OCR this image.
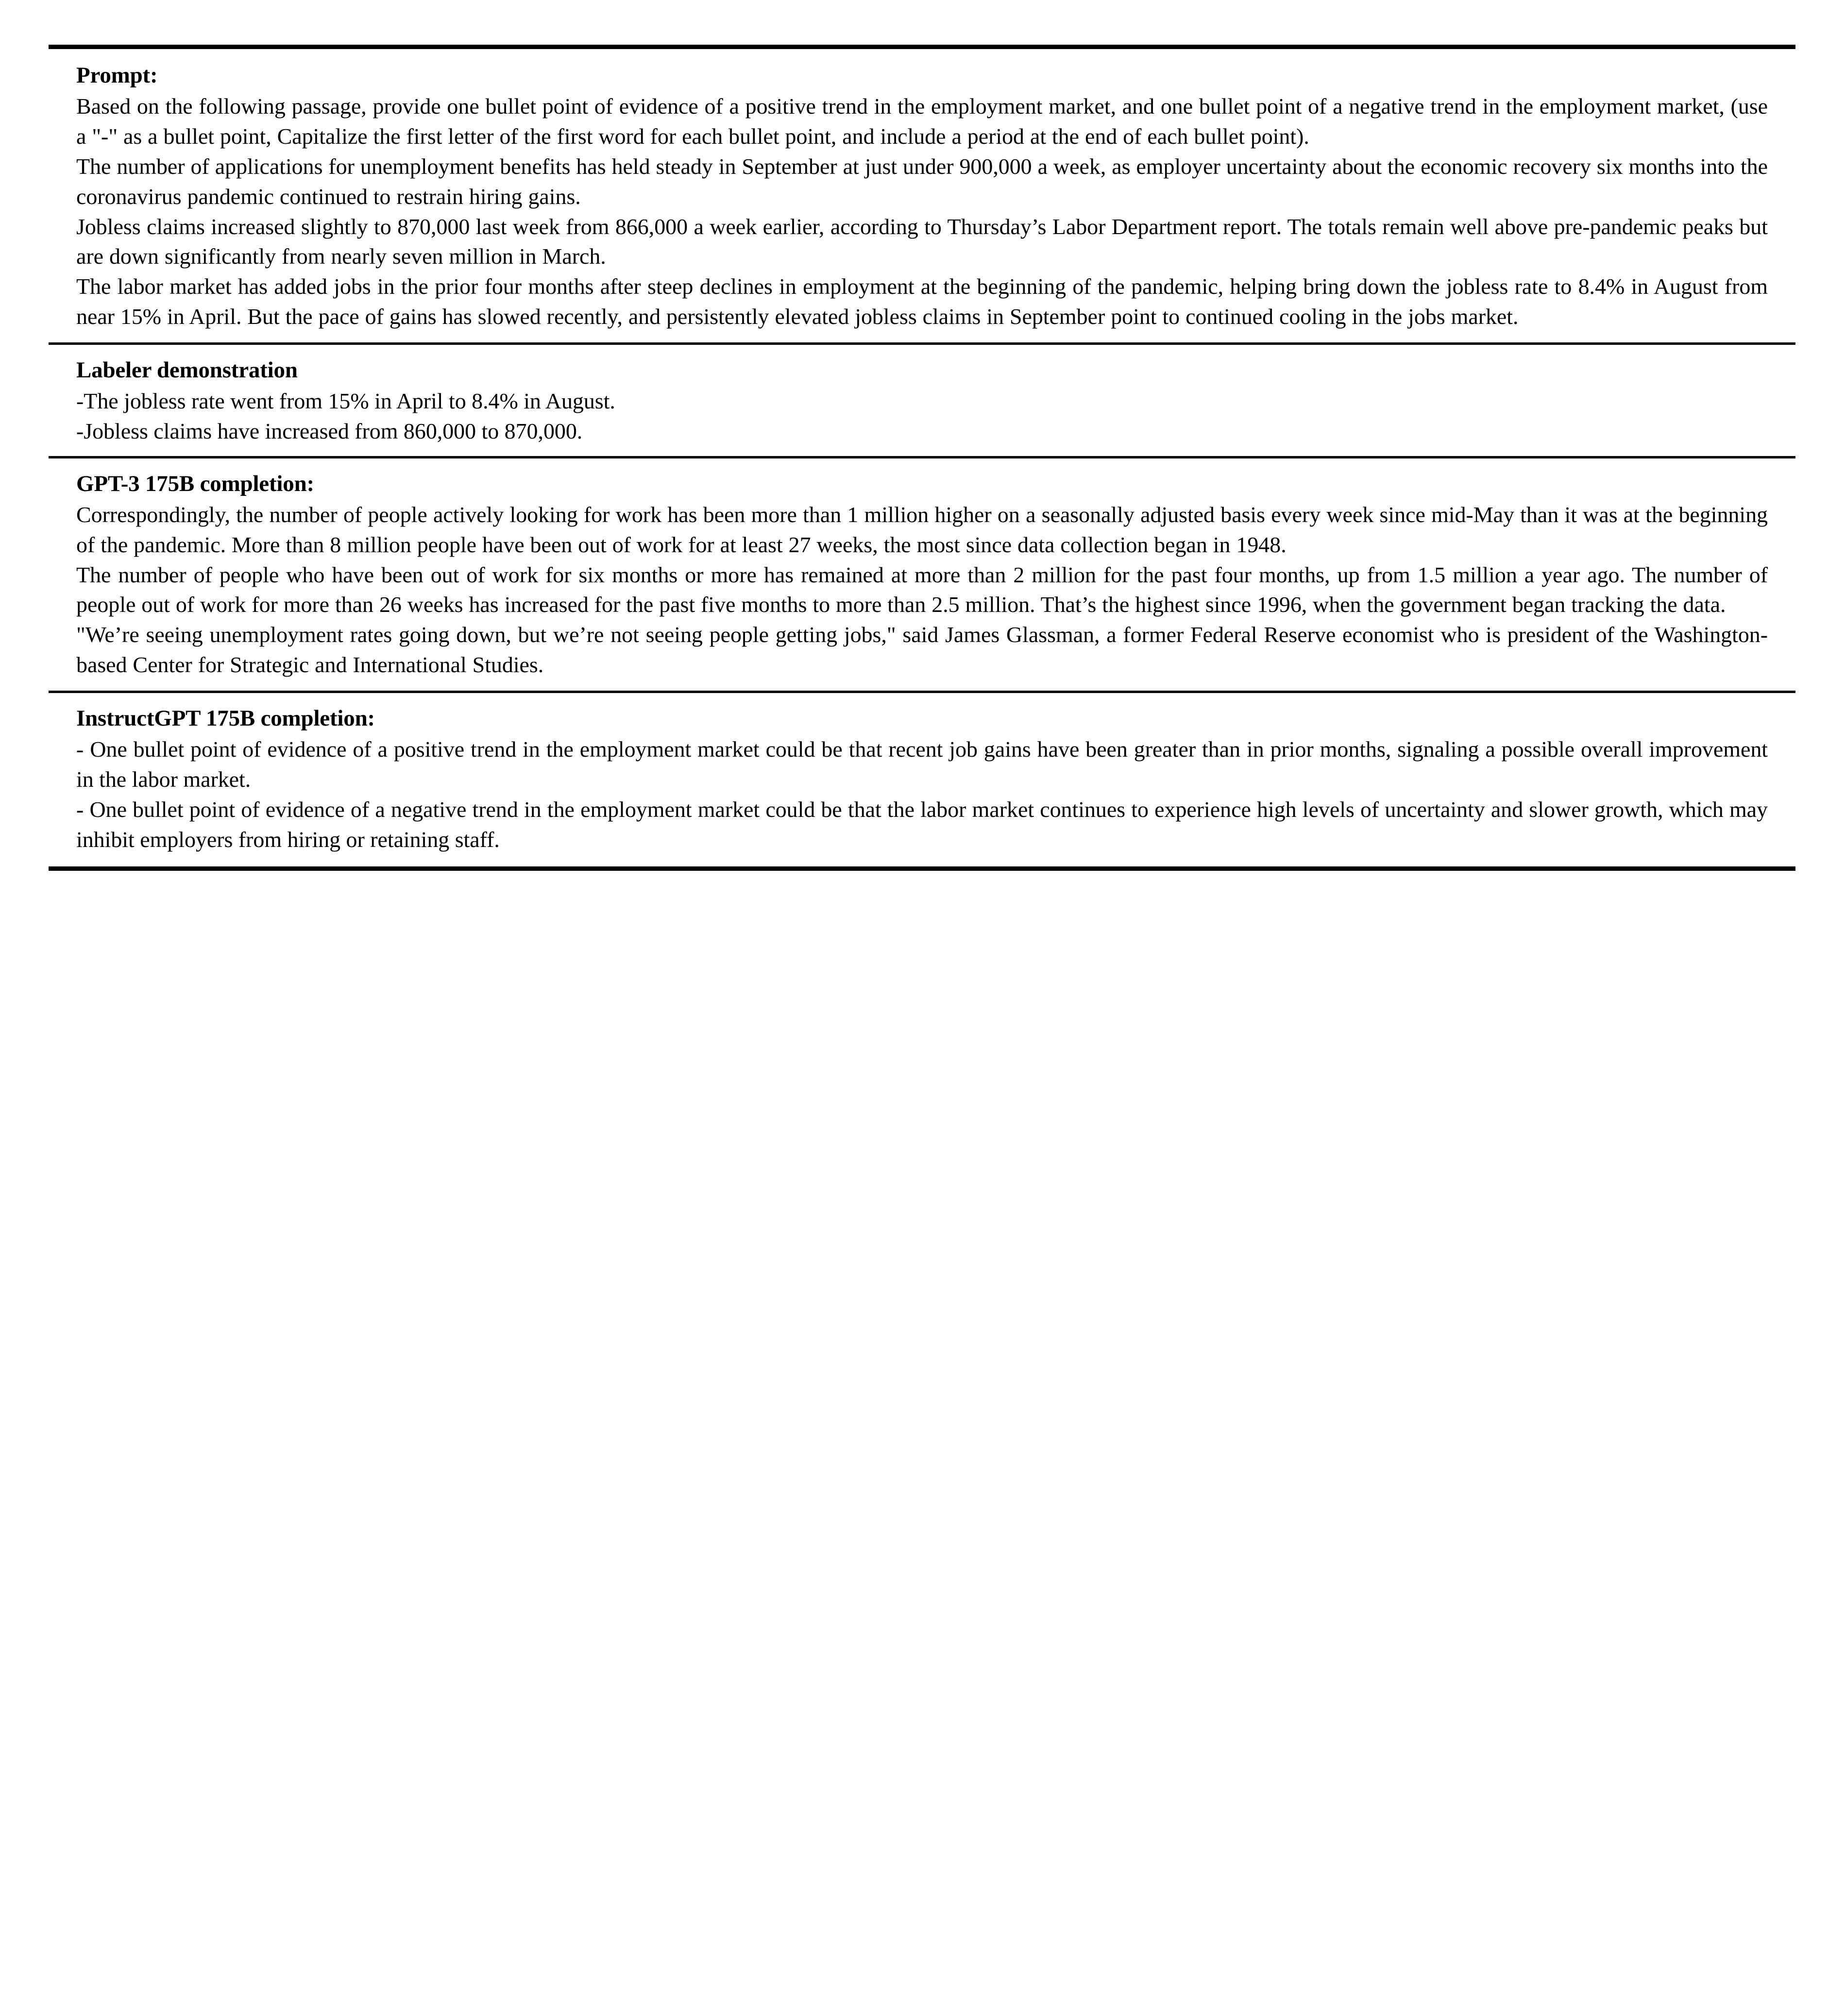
Prompt:

Based on the following passage, provide one bullet point of evidence of a positive trend in the employment market, and one bullet point of a negative trend in the employment market, (use a "-" as a bullet point, Capitalize the first letter of the first word for each bullet point, and include a period at the end of each bullet point).

The number of applications for unemployment benefits has held steady in September at just under 900,000 a week, as employer uncertainty about the economic recovery six months into the coronavirus pandemic continued to restrain hiring gains.

Jobless claims increased slightly to 870,000 last week from 866,000 a week earlier, according to Thursday’s Labor Department report. The totals remain well above pre-pandemic peaks but are down significantly from nearly seven million in March.

The labor market has added jobs in the prior four months after steep declines in employment at the beginning of the pandemic, helping bring down the jobless rate to 8.4% in August from near 15% in April. But the pace of gains has slowed recently, and persistently elevated jobless claims in September point to continued cooling in the jobs market.

Labeler demonstration

-The jobless rate went from 15% in April to 8.4% in August.

-Jobless claims have increased from 860,000 to 870,000.

GPT-3 175B completion:

Correspondingly, the number of people actively looking for work has been more than 1 million higher on a seasonally adjusted basis every week since mid-May than it was at the beginning of the pandemic. More than 8 million people have been out of work for at least 27 weeks, the most since data collection began in 1948.

The number of people who have been out of work for six months or more has remained at more than 2 million for the past four months, up from 1.5 million a year ago. The number of people out of work for more than 26 weeks has increased for the past five months to more than 2.5 million. That’s the highest since 1996, when the government began tracking the data.

"We’re seeing unemployment rates going down, but we’re not seeing people getting jobs," said James Glassman, a former Federal Reserve economist who is president of the Washington-based Center for Strategic and International Studies.

InstructGPT 175B completion:

- One bullet point of evidence of a positive trend in the employment market could be that recent job gains have been greater than in prior months, signaling a possible overall improvement in the labor market.

- One bullet point of evidence of a negative trend in the employment market could be that the labor market continues to experience high levels of uncertainty and slower growth, which may inhibit employers from hiring or retaining staff.
